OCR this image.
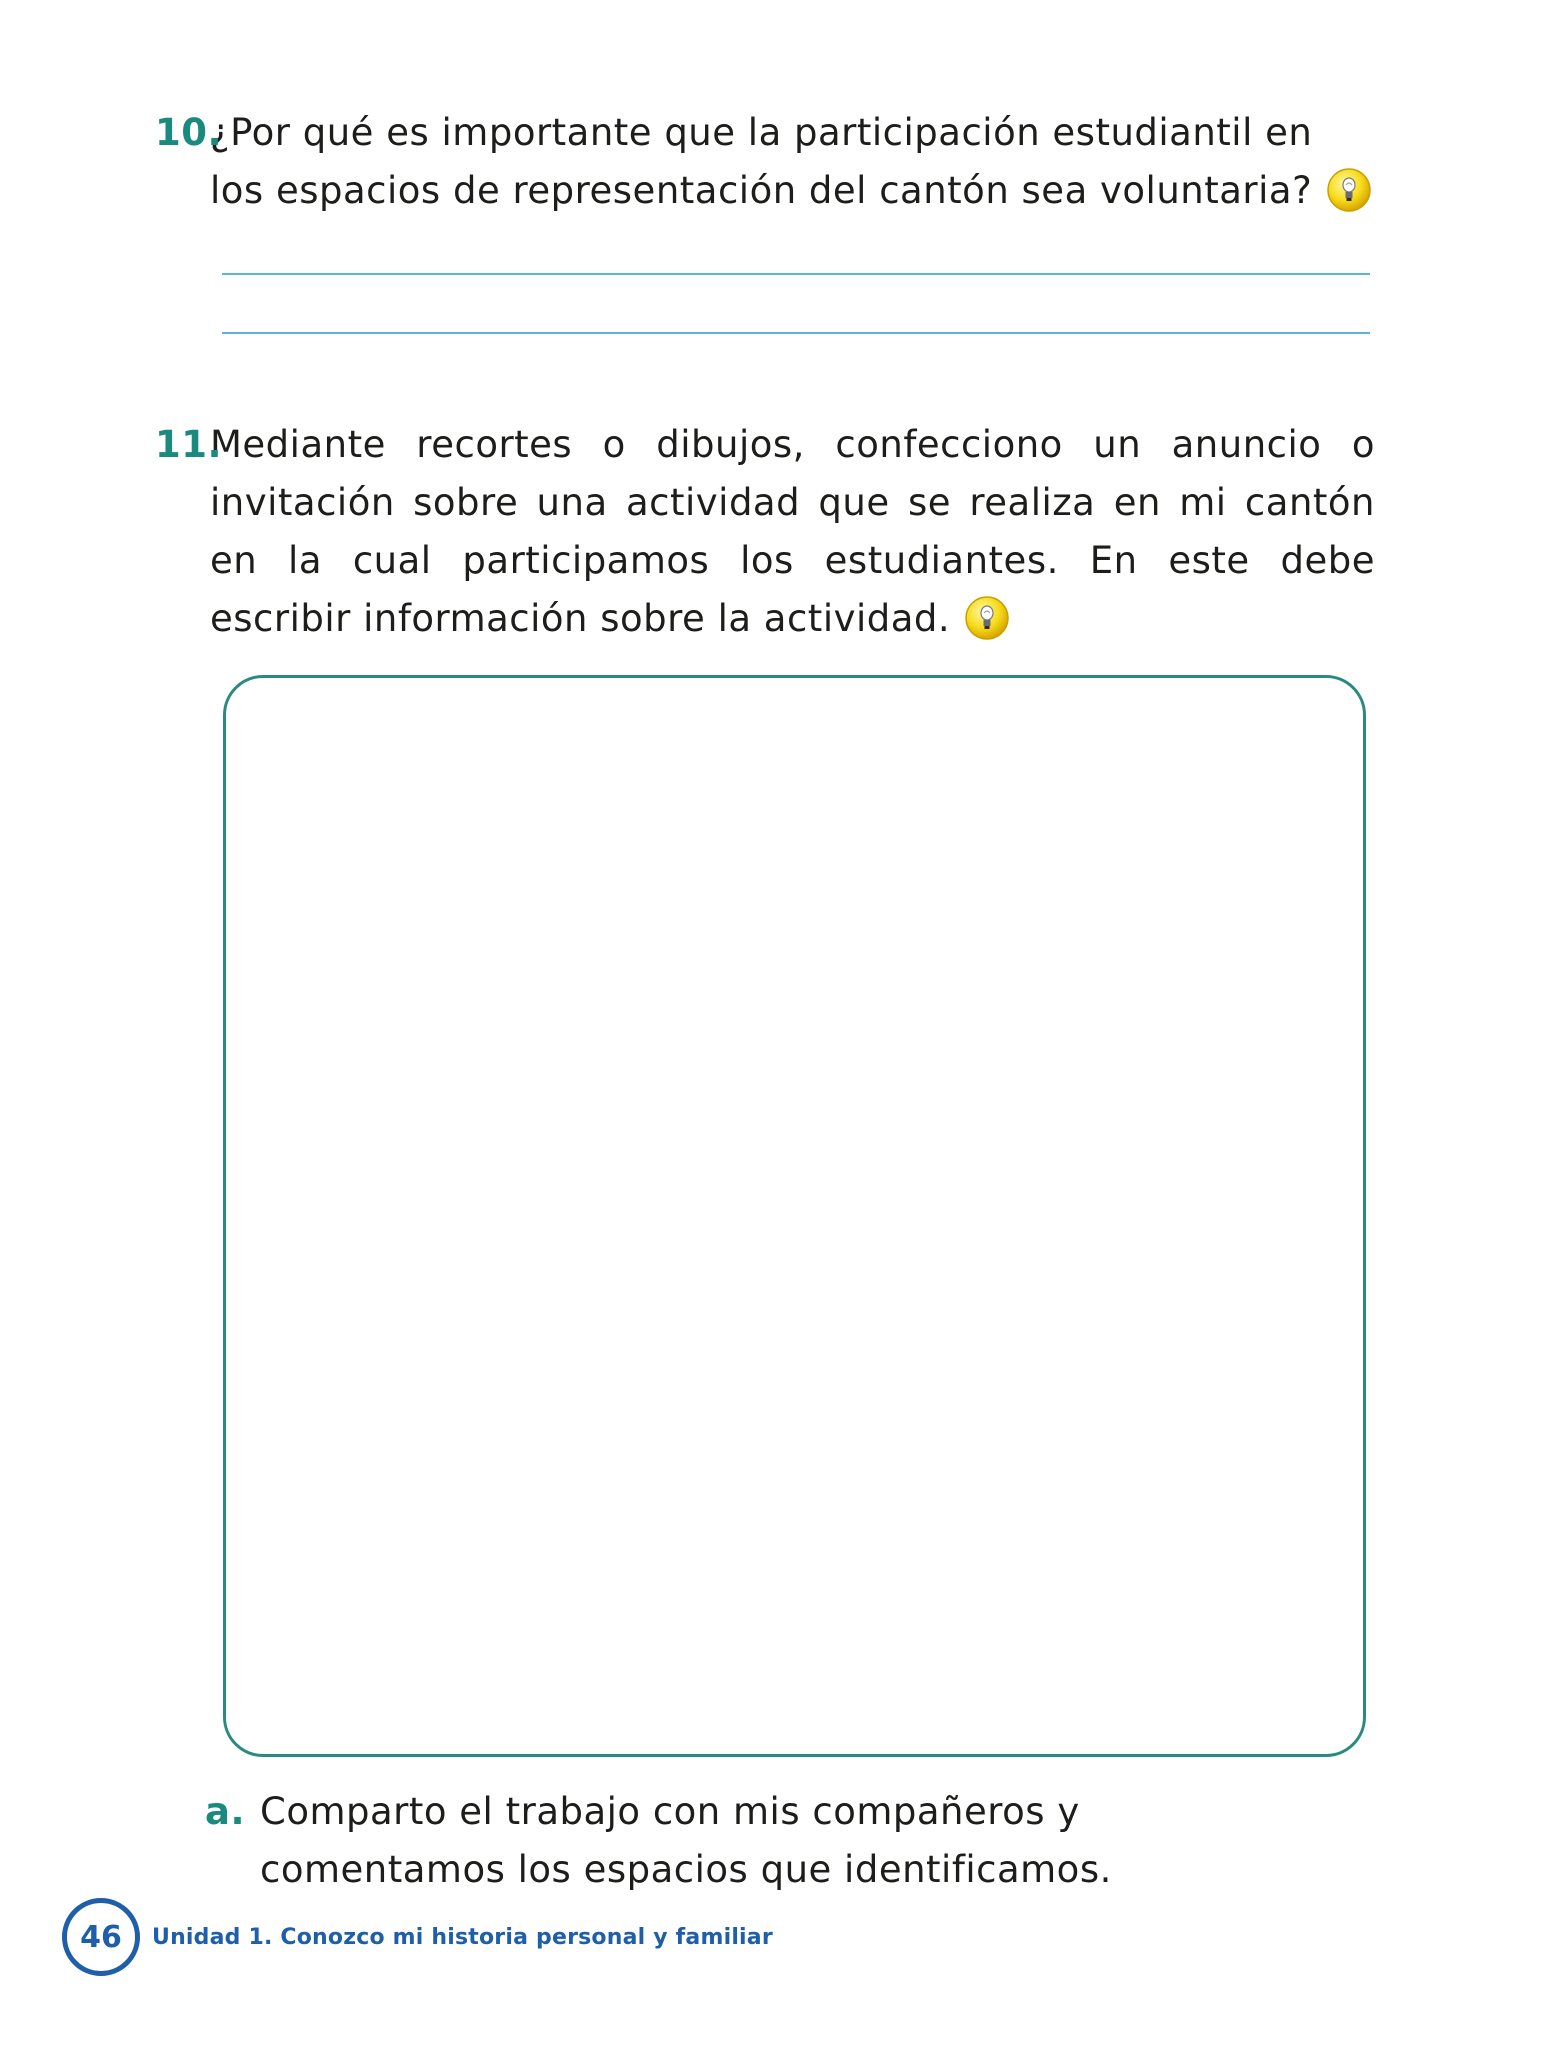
10.
¿Por qué es importante que la participación estudiantil en los espacios de representación del cantón sea voluntaria?
11.
Mediante recortes o dibujos, confecciono un anuncio o invitación sobre una actividad que se realiza en mi cantón en la cual participamos los estudiantes. En este debe escribir información sobre la actividad.
a. Comparto el trabajo con mis compañeros y comentamos los espacios que identificamos.
46	Unidad 1. Conozco mi historia personal y familiar
